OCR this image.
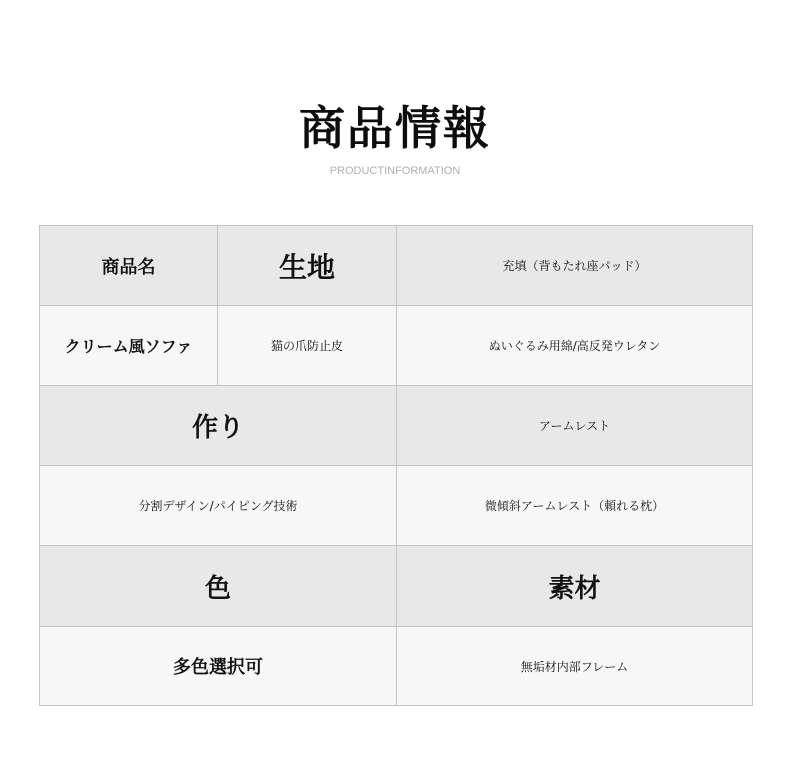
商品情報
PRODUCTINFORMATION
商品名	生地	充填（背もたれ座パッド）
クリーム風ソファ	猫の爪防止皮	ぬいぐるみ用綿/高反発ウレタン
作り	アームレスト
分割デザイン/パイピング技術	微傾斜アームレスト（頼れる枕）
色	素材
多色選択可	無垢材内部フレーム
